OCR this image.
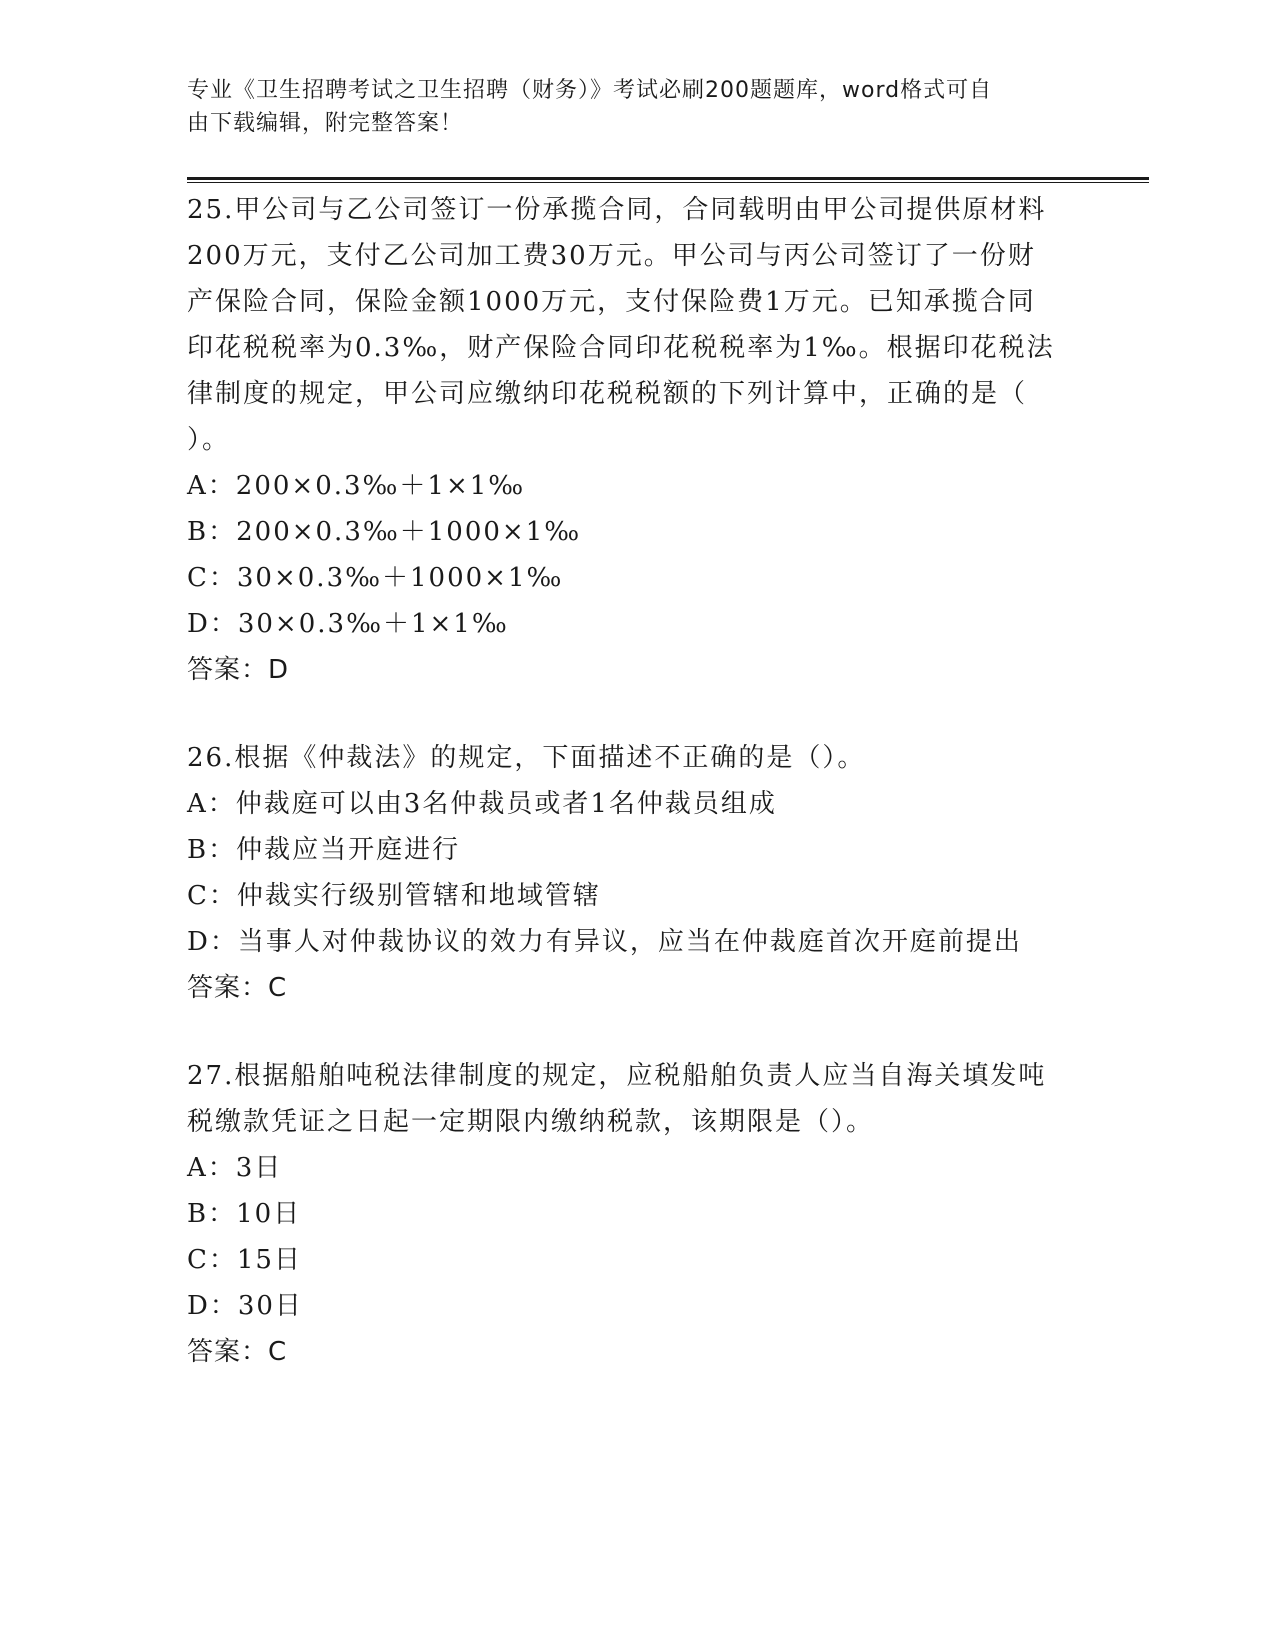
专业《卫生招聘考试之卫生招聘（财务）》考试必刷200题题库，word格式可自
由下载编辑，附完整答案！
25.甲公司与乙公司签订一份承揽合同，合同载明由甲公司提供原材料
200万元，支付乙公司加工费30万元。甲公司与丙公司签订了一份财
产保险合同，保险金额1000万元，支付保险费1万元。已知承揽合同
印花税税率为0.3‰，财产保险合同印花税税率为1‰。根据印花税法
律制度的规定，甲公司应缴纳印花税税额的下列计算中，正确的是（
）。
A：200×0.3‰＋1×1‰
B：200×0.3‰＋1000×1‰
C：30×0.3‰＋1000×1‰
D：30×0.3‰＋1×1‰
答案：D
26.根据《仲裁法》的规定，下面描述不正确的是（）。
A：仲裁庭可以由3名仲裁员或者1名仲裁员组成
B：仲裁应当开庭进行
C：仲裁实行级别管辖和地域管辖
D：当事人对仲裁协议的效力有异议，应当在仲裁庭首次开庭前提出
答案：C
27.根据船舶吨税法律制度的规定，应税船舶负责人应当自海关填发吨
税缴款凭证之日起一定期限内缴纳税款，该期限是（）。
A：3日
B：10日
C：15日
D：30日
答案：C
